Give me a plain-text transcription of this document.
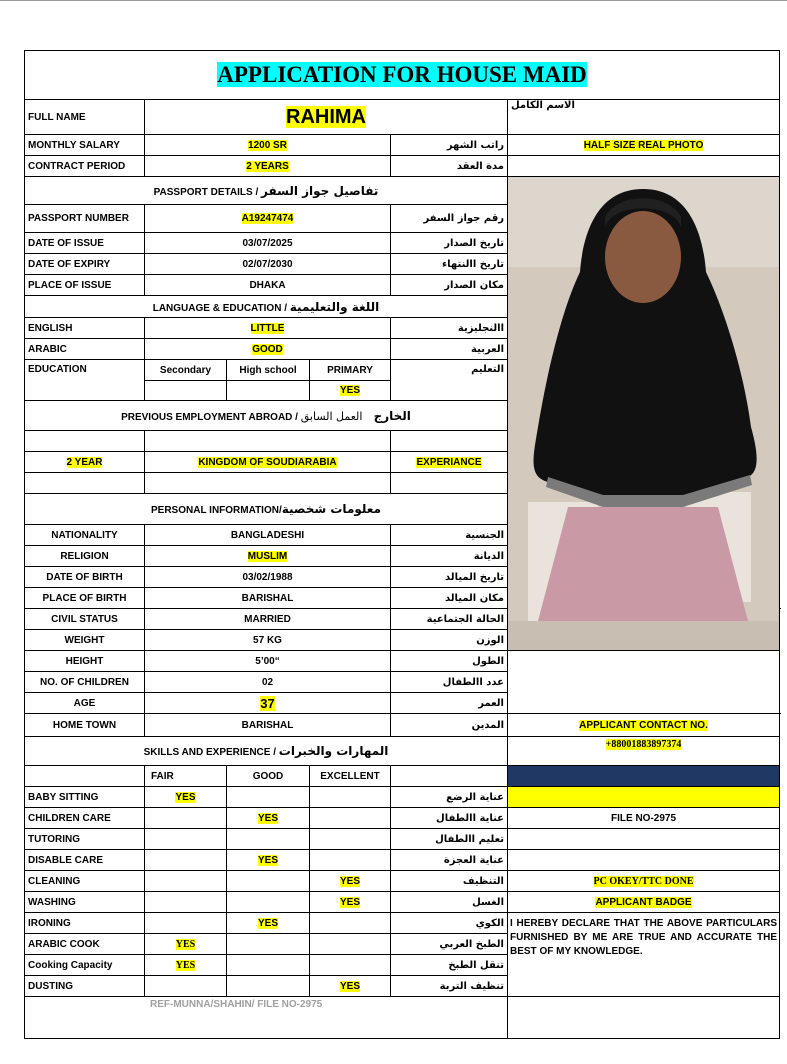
APPLICATION FOR HOUSE MAID						
FULL NAME	RAHIMA				الاسم الكامل	
MONTHLY SALARY	1200 SR			راتب الشهر	HALF SIZE REAL PHOTO	
CONTRACT PERIOD	2 YEARS			مدة العقد		
PASSPORT DETAILS / تفاصيل جواز السفر	

PASSPORT NUMBER	A19247474			رقم جواز السفر		
DATE OF ISSUE	03/07/2025			تاريخ الصدار		
DATE OF EXPIRY	02/07/2030			تاريخ االنتهاء		
PLACE OF ISSUE	DHAKA			مكان الصدار		
LANGUAGE & EDUCATION / اللغة والتعليمية						
ENGLISH	LITTLE			االنجليزية		
ARABIC	GOOD			العربية		
EDUCATION	Secondary	High school	PRIMARY	التعليم		
			YES			
PREVIOUS EMPLOYMENT ABROAD / الخارج    العمل السابق						

2 YEAR	KINGDOM OF SOUDIARABIA			EXPERIANCE		

PERSONAL INFORMATION/معلومات شخصية						
NATIONALITY	BANGLADESHI			الجنسية		
RELIGION	MUSLIM			الديانة		
DATE OF BIRTH	03/02/1988			تاريخ الميالد		
PLACE OF BIRTH	BARISHAL			مكان الميالد		
CIVIL STATUS	MARRIED			الحالة الجتماعية		
WEIGHT	57 KG			الوزن		
HEIGHT	5’00“			الطول		
NO. OF CHILDREN	02			عدد االطفال		
AGE	37			العمر		
HOME TOWN	BARISHAL			المدين	APPLICANT CONTACT NO.	
SKILLS AND EXPERIENCE / المهارات والخبرات					+88001883897374	
	FAIR	GOOD	EXCELLENT			
BABY SITTING	YES			عناية الرضع		
CHILDREN CARE		YES		عناية االطفال	FILE NO-2975	
TUTORING				تعليم االطفال		
DISABLE CARE		YES		عناية العجزة		
CLEANING			YES	التنظيف	PC OKEY/TTC DONE	
WASHING			YES	الغسل	APPLICANT BADGE	
IRONING		YES		الكوي	I HEREBY DECLARE THAT THE ABOVE PARTICULARS FURNISHED BY ME ARE TRUE AND ACCURATE THE BEST OF MY KNOWLEDGE.	
ARABIC COOK	YES			الطبخ العربي		
Cooking Capacity	YES			تنقل الطبخ		
DUSTING			YES	تنظيف التربة		
REF-MUNNA/SHAHIN/ FILE NO-2975						
